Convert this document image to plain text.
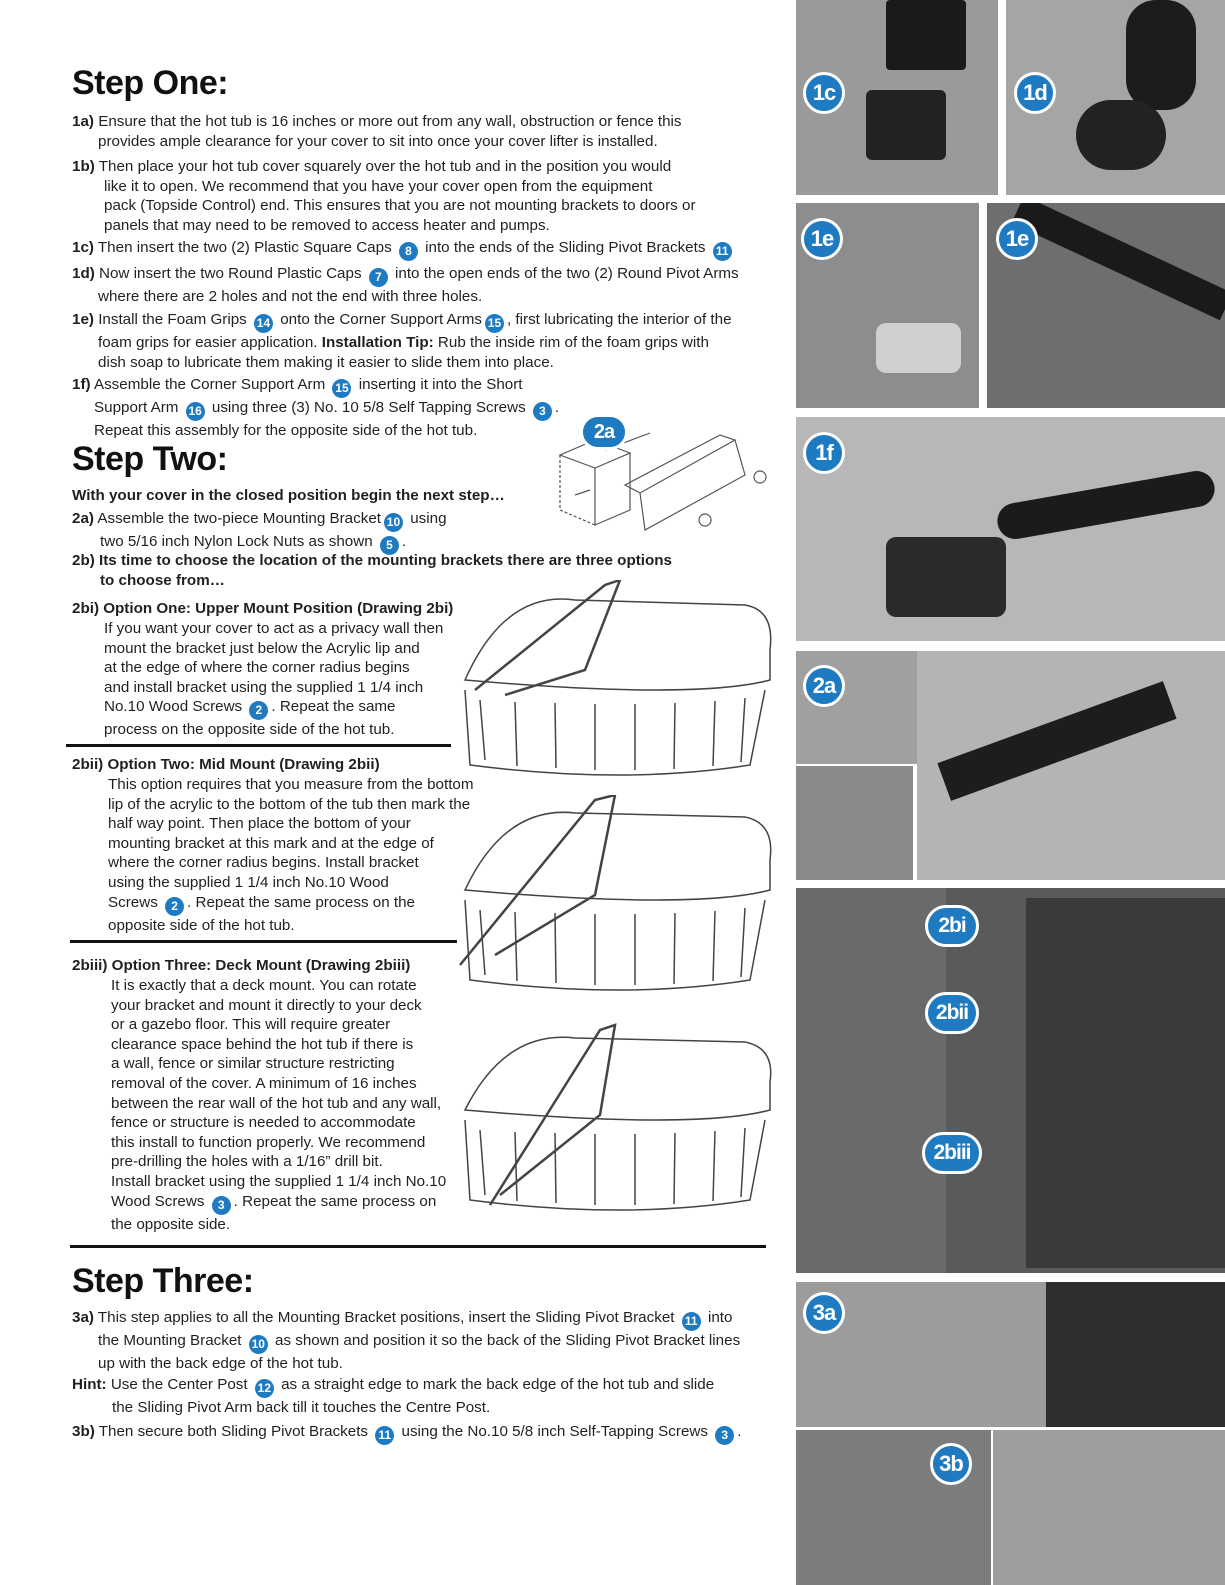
Step One:
1a) Ensure that the hot tub is 16 inches or more out from any wall, obstruction or fence this
provides ample clearance for your cover to sit into once your cover lifter is installed.
1b) Then place your hot tub cover squarely over the hot tub and in the position you would
like it to open. We recommend that you have your cover open from the equipment
pack (Topside Control) end. This ensures that you are not mounting brackets to doors or
panels that may need to be removed to access heater and pumps.
1c) Then insert the two (2) Plastic Square Caps 8 into the ends of the Sliding Pivot Brackets 11
1d) Now insert the two Round Plastic Caps 7 into the open ends of the two (2) Round Pivot Arms
where there are 2 holes and not the end with three holes.
1e) Install the Foam Grips 14 onto the Corner Support Arms 15 , first lubricating the interior of the
foam grips for easier application. Installation Tip: Rub the inside rim of the foam grips with
dish soap to lubricate them making it easier to slide them into place.
1f) Assemble the Corner Support Arm 15 inserting it into the Short
Support Arm 16 using three (3) No. 10 5/8 Self Tapping Screws 3 .
Repeat this assembly for the opposite side of the hot tub.
Step Two:
With your cover in the closed position begin the next step…
2a) Assemble the two-piece Mounting Bracket 10 using
two 5/16 inch Nylon Lock Nuts as shown 5 .
2b) Its time to choose the location of the mounting brackets there are three options
to choose from…
2bi) Option One: Upper Mount Position (Drawing 2bi)
If you want your cover to act as a privacy wall then
mount the bracket just below the Acrylic lip and
at the edge of where the corner radius begins
and install bracket using the supplied 1 1/4 inch
No.10 Wood Screws 2 . Repeat the same
process on the opposite side of the hot tub.
2bii) Option Two: Mid Mount (Drawing 2bii)
This option requires that you measure from the bottom
lip of the acrylic to the bottom of the tub then mark the
half way point. Then place the bottom of your
mounting bracket at this mark and at the edge of
where the corner radius begins. Install bracket
using the supplied 1 1/4 inch No.10 Wood
Screws 2 . Repeat the same process on the
opposite side of the hot tub.
2biii) Option Three: Deck Mount (Drawing 2biii)
It is exactly that a deck mount. You can rotate
your bracket and mount it directly to your deck
or a gazebo floor. This will require greater
clearance space behind the hot tub if there is
a wall, fence or similar structure restricting
removal of the cover. A minimum of 16 inches
between the rear wall of the hot tub and any wall,
fence or structure is needed to accommodate
this install to function properly. We recommend
pre-drilling the holes with a 1/16” drill bit.
Install bracket using the supplied 1 1/4 inch No.10
Wood Screws 3 . Repeat the same process on
the opposite side.
Step Three:
3a) This step applies to all the Mounting Bracket positions, insert the Sliding Pivot Bracket 11 into
the Mounting Bracket 10 as shown and position it so the back of the Sliding Pivot Bracket lines
up with the back edge of the hot tub.
Hint: Use the Center Post 12 as a straight edge to mark the back edge of the hot tub and slide
the Sliding Pivot Arm back till it touches the Centre Post.
3b) Then secure both Sliding Pivot Brackets 11 using the No.10 5/8 inch Self-Tapping Screws 3 .
2a
1c	1d
1e	1e
1f
2a
2bi
2bii
2biii
3a
3b
